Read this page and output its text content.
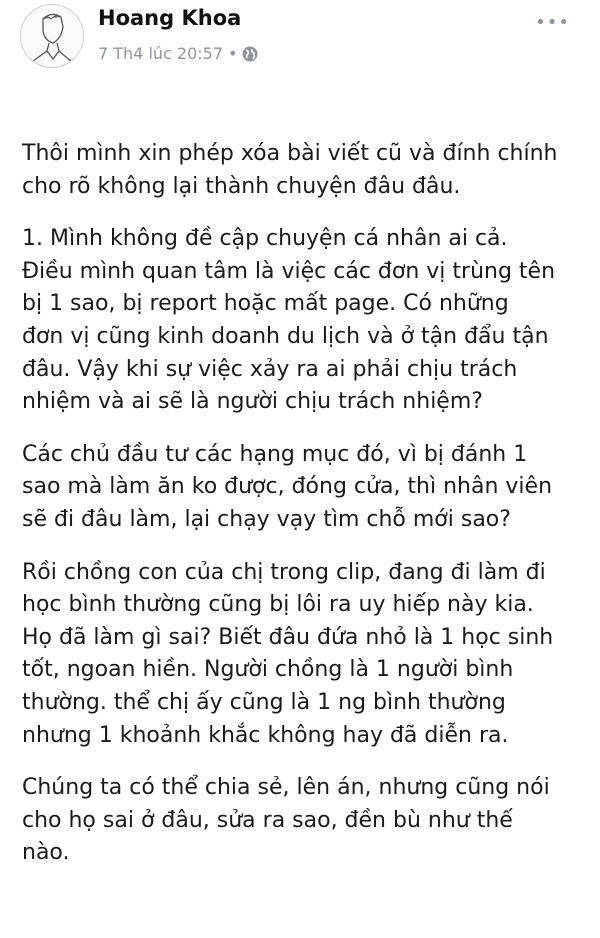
Hoang Khoa
7 Th4 lúc 20:57 •
•••
Thôi mình xin phép xóa bài viết cũ và đính chính
cho rõ không lại thành chuyện đâu đâu.
1. Mình không đề cập chuyện cá nhân ai cả.
Điều mình quan tâm là việc các đơn vị trùng tên
bị 1 sao, bị report hoặc mất page. Có những
đơn vị cũng kinh doanh du lịch và ở tận đẩu tận
đâu. Vậy khi sự việc xảy ra ai phải chịu trách
nhiệm và ai sẽ là người chịu trách nhiệm?
Các chủ đầu tư các hạng mục đó, vì bị đánh 1
sao mà làm ăn ko được, đóng cửa, thì nhân viên
sẽ đi đâu làm, lại chạy vạy tìm chỗ mới sao?
Rồi chồng con của chị trong clip, đang đi làm đi
học bình thường cũng bị lôi ra uy hiếp này kia.
Họ đã làm gì sai? Biết đâu đứa nhỏ là 1 học sinh
tốt, ngoan hiền. Người chồng là 1 người bình
thường. thể chị ấy cũng là 1 ng bình thường
nhưng 1 khoảnh khắc không hay đã diễn ra.
Chúng ta có thể chia sẻ, lên án, nhưng cũng nói
cho họ sai ở đâu, sửa ra sao, đền bù như thế
nào.
